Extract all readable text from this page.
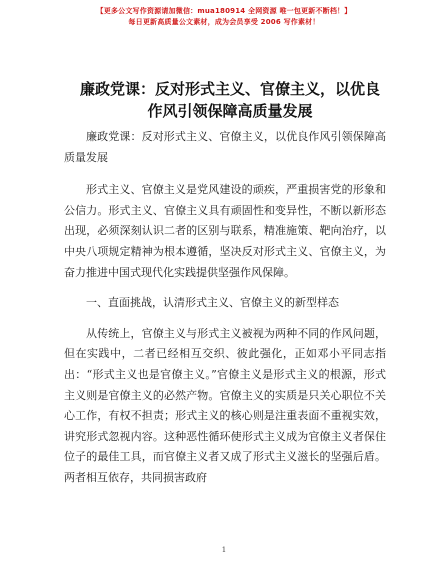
【更多公文写作资源请加微信：mua180914 全网资源 唯一包更新不断档！】
每日更新高质量公文素材，成为会员享受 2006 写作素材！
廉政党课：反对形式主义、官僚主义，以优良
作风引领保障高质量发展

廉政党课：反对形式主义、官僚主义，以优良作风引领保障高质量发展

形式主义、官僚主义是党风建设的顽疾，严重损害党的形象和公信力。形式主义、官僚主义具有顽固性和变异性，不断以新形态出现，必须深刻认识二者的区别与联系，精准施策、靶向治疗，以中央八项规定精神为根本遵循，坚决反对形式主义、官僚主义，为奋力推进中国式现代化实践提供坚强作风保障。

一、直面挑战，认清形式主义、官僚主义的新型样态

从传统上，官僚主义与形式主义被视为两种不同的作风问题，但在实践中，二者已经相互交织、彼此强化，正如邓小平同志指出：“形式主义也是官僚主义。”官僚主义是形式主义的根源，形式主义则是官僚主义的必然产物。官僚主义的实质是只关心职位不关心工作，有权不担责；形式主义的核心则是注重表面不重视实效，讲究形式忽视内容。这种恶性循环使形式主义成为官僚主义者保住位子的最佳工具，而官僚主义者又成了形式主义滋长的坚强后盾。两者相互依存，共同损害政府

1
